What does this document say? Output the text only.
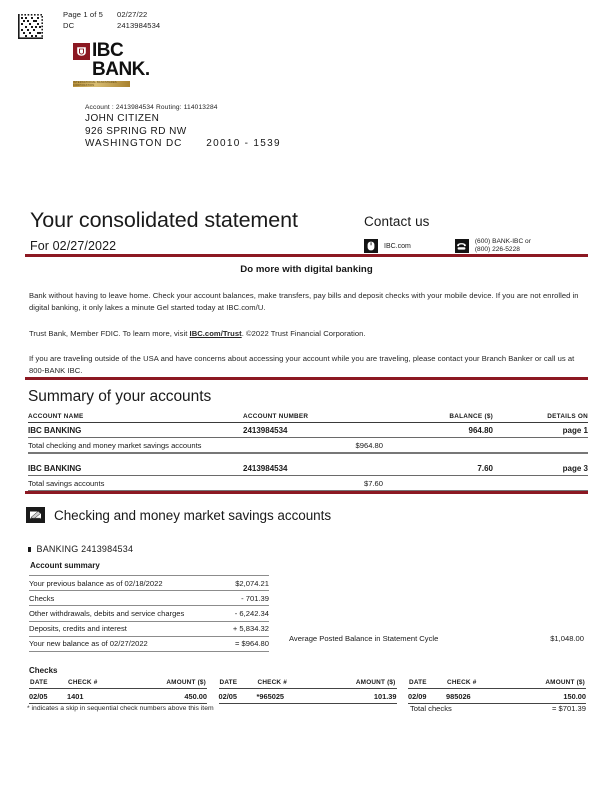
Page 1 of 5	02/27/22
DC	2413984534
IBC
BANK.
INTERNATIONAL BANCSHARES CORPORATION
Account : 2413984534 Routing: 114013284
JOHN CITIZEN
926 SPRING RD NW
WASHINGTON DC 20010 - 1539
Your consolidated statement
For 02/27/2022
Contact us
IBC.com
(600) BANK-IBC or
(800) 226-5228
Do more with digital banking
Bank without having to leave home. Check your account balances, make transfers, pay bills and deposit checks with your mobile device. If you are not enrolled in digital banking, it only lakes a minute Gel started today at IBC.com/U.
Trust Bank, Member FDIC. To learn more, visit IBC.com/Trust. ©2022 Trust Financial Corporation.
If you are traveling outside of the USA and have concerns about accessing your account while you are traveling, please contact your Branch Banker or call us at 800-BANK IBC.
Summary of your accounts
ACCOUNT NAME	ACCOUNT NUMBER	BALANCE ($)	DETAILS ON
IBC BANKING	2413984534	964.80	page 1
Total checking and money market savings accounts	$964.80		

IBC BANKING	2413984534	7.60	page 3
Total savings accounts	$7.60		
Checking and money market savings accounts
BANKING 2413984534
Account summary
Your previous balance as of 02/18/2022	$2,074.21
Checks	- 701.39
Other withdrawals, debits and service charges	- 6,242.34
Deposits, credits and interest	+ 5,834.32
Your new balance as of 02/27/2022	= $964.80
Average Posted Balance in Statement Cycle	$1,048.00
Checks
DATE	CHECK #	AMOUNT ($)
02/05	1401	450.00
DATE	CHECK #	AMOUNT ($)
02/05	*965025	101.39
DATE	CHECK #	AMOUNT ($)
02/09	985026	150.00
* indicates a skip in sequential check numbers above this item	Total checks	= $701.39
